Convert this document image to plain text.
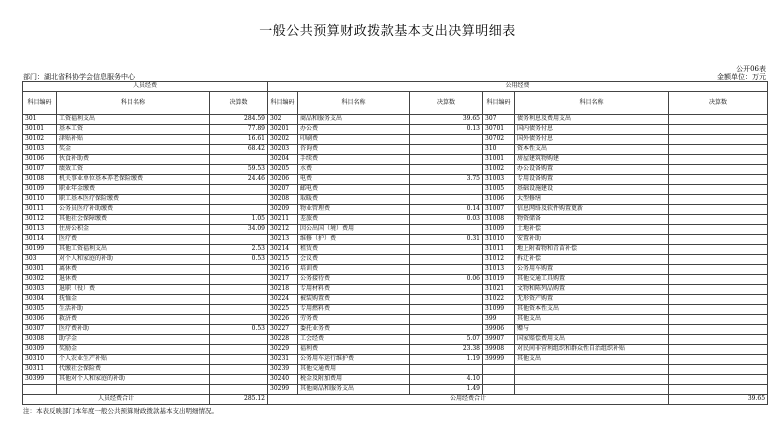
一般公共预算财政拨款基本支出决算明细表
公开06表
部门：湖北省科协学会信息服务中心	金额单位：万元
人员经费			公用经费					
科目编码	科目名称	决算数	科目编码	科目名称	决算数	科目编码	科目名称	决算数
301	工资福利支出	284.59	302	商品和服务支出	39.65	307	债务利息及费用支出	
30101	基本工资	77.89	30201	办公费	0.13	30701	国内债务付息	
30102	津贴补贴	16.61	30202	印刷费		30702	国外债务付息	
30103	奖金	68.42	30203	咨询费		310	资本性支出	
30106	伙食补助费		30204	手续费		31001	房屋建筑物购建	
30107	绩效工资	59.53	30205	水费		31002	办公设备购置	
30108	机关事业单位基本养老保险缴费	24.46	30206	电费	3.75	31003	专用设备购置	
30109	职业年金缴费		30207	邮电费		31005	基础设施建设	
30110	职工基本医疗保险缴费		30208	取暖费		31006	大型修缮	
30111	公务员医疗补助缴费		30209	物业管理费	0.14	31007	信息网络及软件购置更新	
30112	其他社会保障缴费	1.05	30211	差旅费	0.03	31008	物资储备	
30113	住房公积金	34.09	30212	因公出国（境）费用		31009	土地补偿	
30114	医疗费		30213	维修（护）费	0.31	31010	安置补助	
30199	其他工资福利支出	2.53	30214	租赁费		31011	地上附着物和青苗补偿	
303	对个人和家庭的补助	0.53	30215	会议费		31012	拆迁补偿	
30301	离休费		30216	培训费		31013	公务用车购置	
30302	退休费		30217	公务接待费	0.06	31019	其他交通工具购置	
30303	退职（役）费		30218	专用材料费		31021	文物和陈列品购置	
30304	抚恤金		30224	被装购置费		31022	无形资产购置	
30305	生活补助		30225	专用燃料费		31099	其他资本性支出	
30306	救济费		30226	劳务费		399	其他支出	
30307	医疗费补助	0.53	30227	委托业务费		39906	赠与	
30308	助学金		30228	工会经费	5.07	39907	国家赔偿费用支出	
30309	奖励金		30229	福利费	23.38	39908	对民间非营利组织和群众性自治组织补贴	
30310	个人农业生产补贴		30231	公务用车运行维护费	1.19	39999	其他支出	
30311	代缴社会保险费		30239	其他交通费用				
30399	其他对个人和家庭的补助		30240	税金及附加费用	4.10			
			30299	其他商品和服务支出	1.49			
人员经费合计		285.12	公用经费合计					39.65
注：本表反映部门本年度一般公共预算财政拨款基本支出明细情况。
